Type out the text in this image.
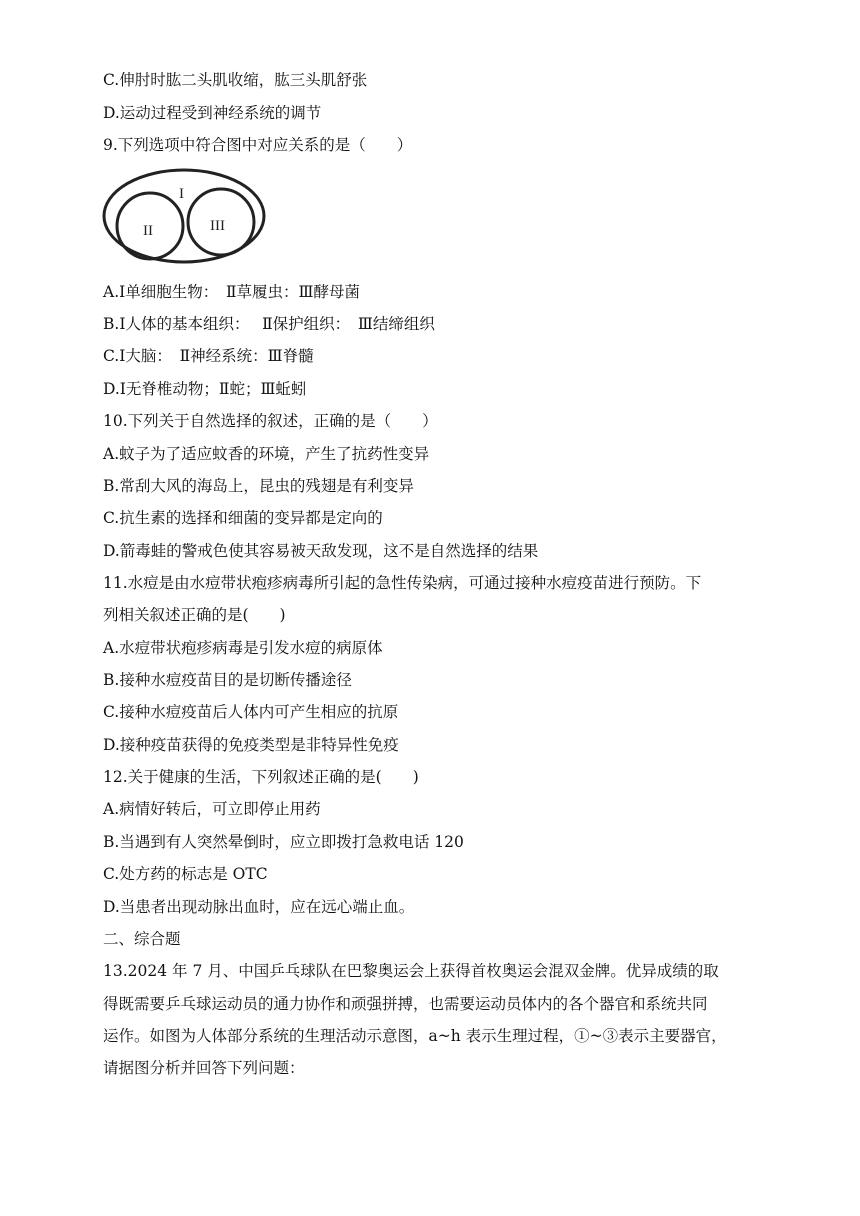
C.伸肘时肱二头肌收缩，肱三头肌舒张
D.运动过程受到神经系统的调节
9.下列选项中符合图中对应关系的是（　　）
I
II	III
A.Ⅰ单细胞生物：　Ⅱ草履虫：Ⅲ酵母菌
B.Ⅰ人体的基本组织：　 Ⅱ保护组织：　Ⅲ结缔组织
C.Ⅰ大脑：　Ⅱ神经系统：Ⅲ脊髓
D.Ⅰ无脊椎动物；Ⅱ蛇；Ⅲ蚯蚓
10.下列关于自然选择的叙述，正确的是（　　）
A.蚊子为了适应蚊香的环境，产生了抗药性变异
B.常刮大风的海岛上，昆虫的残翅是有利变异
C.抗生素的选择和细菌的变异都是定向的
D.箭毒蛙的警戒色使其容易被天敌发现，这不是自然选择的结果
11.水痘是由水痘带状疱疹病毒所引起的急性传染病，可通过接种水痘疫苗进行预防。下
列相关叙述正确的是(　　)
A.水痘带状疱疹病毒是引发水痘的病原体
B.接种水痘疫苗目的是切断传播途径
C.接种水痘疫苗后人体内可产生相应的抗原
D.接种疫苗获得的免疫类型是非特异性免疫
12.关于健康的生活，下列叙述正确的是(　　)
A.病情好转后，可立即停止用药
B.当遇到有人突然晕倒时，应立即拨打急救电话 120
C.处方药的标志是 OTC
D.当患者出现动脉出血时，应在远心端止血。
二、综合题
13.2024 年 7 月、中国乒乓球队在巴黎奥运会上获得首枚奥运会混双金牌。优异成绩的取
得既需要乒乓球运动员的通力协作和顽强拼搏，也需要运动员体内的各个器官和系统共同
运作。如图为人体部分系统的生理活动示意图，a~h 表示生理过程，①~③表示主要器官，
请据图分析并回答下列问题：
